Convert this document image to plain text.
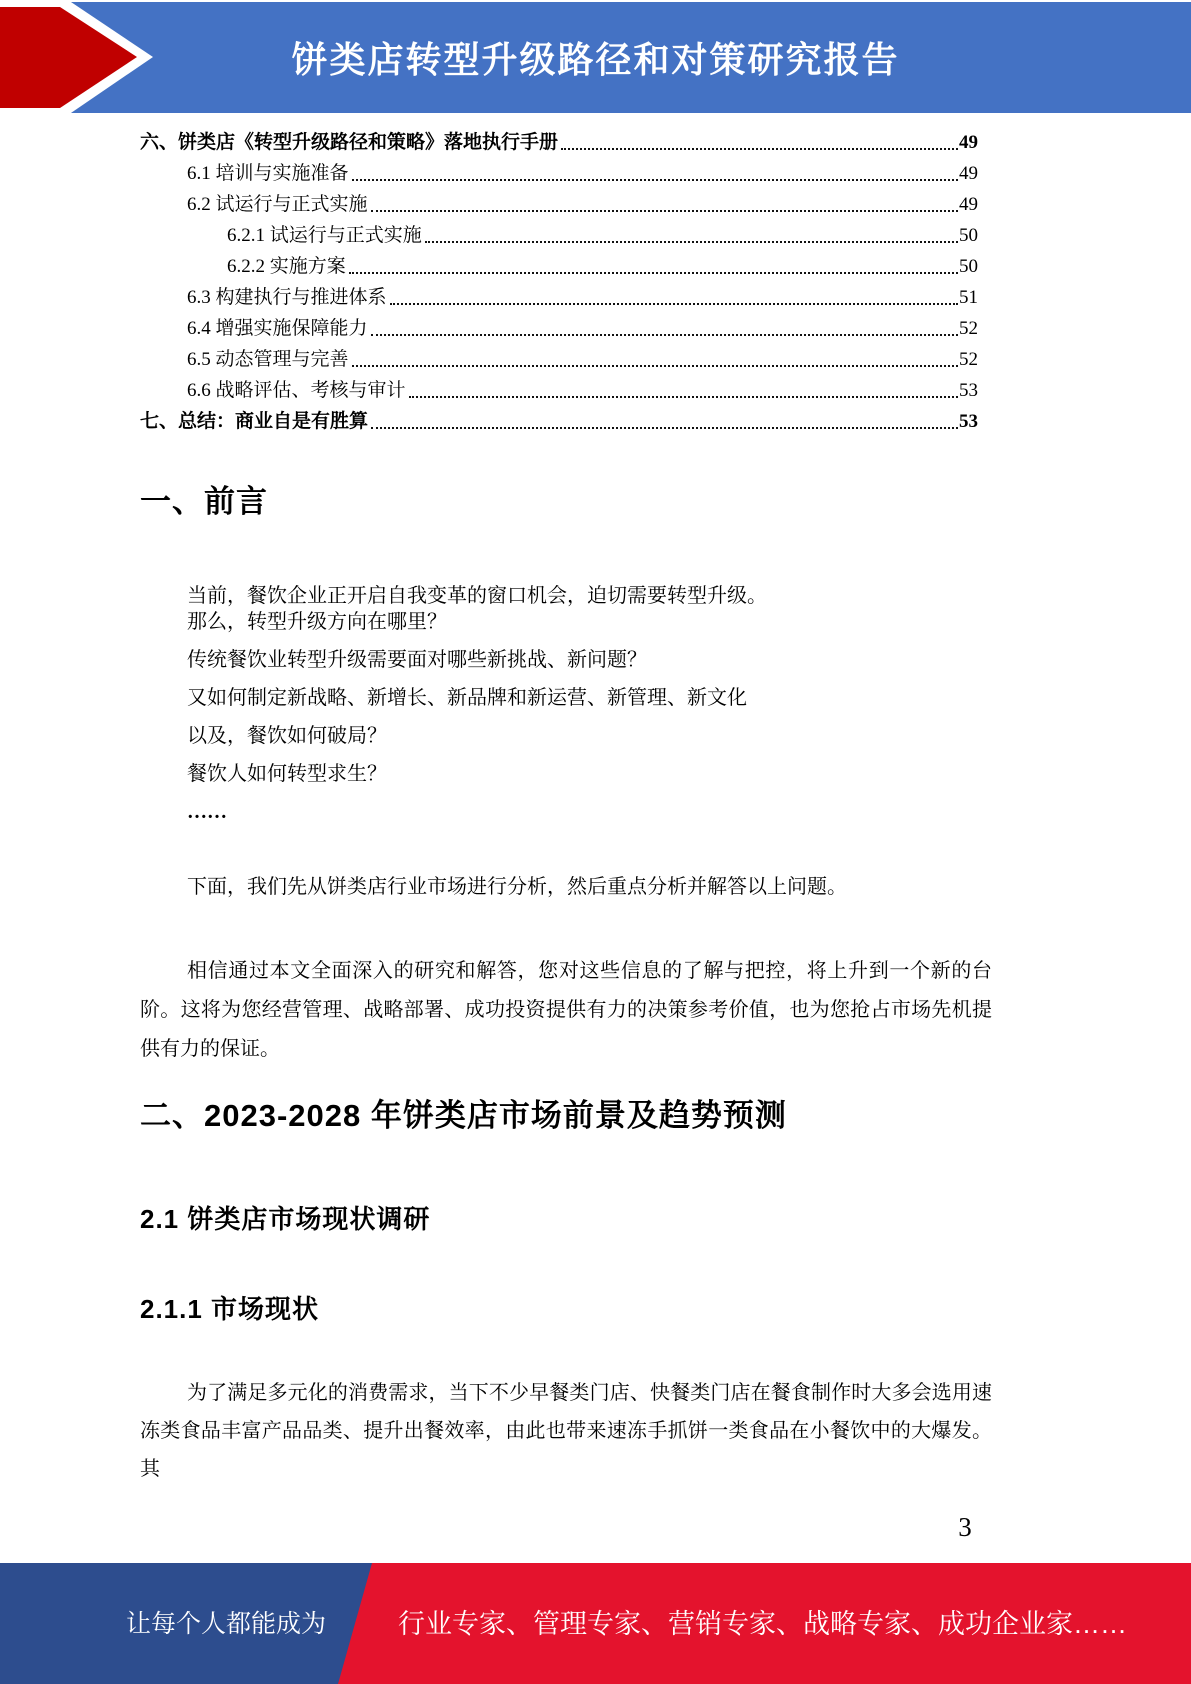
饼类店转型升级路径和对策研究报告
六、饼类店《转型升级路径和策略》落地执行手册	49
6.1 培训与实施准备	49
6.2 试运行与正式实施	49
6.2.1 试运行与正式实施	50
6.2.2 实施方案	50
6.3 构建执行与推进体系	51
6.4 增强实施保障能力	52
6.5 动态管理与完善	52
6.6 战略评估、考核与审计	53
七、总结：商业自是有胜算	53
一、前言

当前，餐饮企业正开启自我变革的窗口机会，迫切需要转型升级。

那么，转型升级方向在哪里？

传统餐饮业转型升级需要面对哪些新挑战、新问题？

又如何制定新战略、新增长、新品牌和新运营、新管理、新文化

以及，餐饮如何破局？

餐饮人如何转型求生？

……

下面，我们先从饼类店行业市场进行分析，然后重点分析并解答以上问题。

相信通过本文全面深入的研究和解答，您对这些信息的了解与把控，将上升到一个新的台阶。这将为您经营管理、战略部署、成功投资提供有力的决策参考价值，也为您抢占市场先机提供有力的保证。

二、2023-2028 年饼类店市场前景及趋势预测
2.1 饼类店市场现状调研
2.1.1 市场现状

为了满足多元化的消费需求，当下不少早餐类门店、快餐类门店在餐食制作时大多会选用速冻类食品丰富产品品类、提升出餐效率，由此也带来速冻手抓饼一类食品在小餐饮中的大爆发。其

3
让每个人都能成为	行业专家、管理专家、营销专家、战略专家、成功企业家……
